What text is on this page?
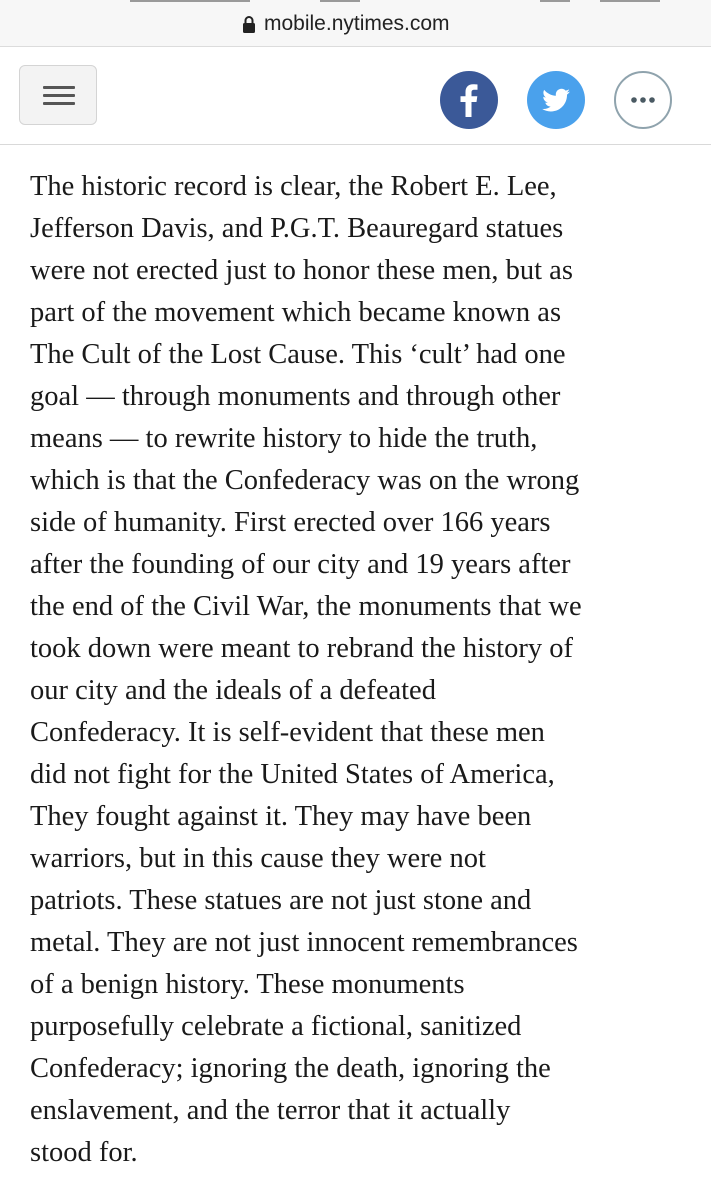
mobile.nytimes.com

The historic record is clear, the Robert E. Lee,
Jefferson Davis, and P.G.T. Beauregard statues
were not erected just to honor these men, but as
part of the movement which became known as
The Cult of the Lost Cause. This ‘cult’ had one
goal — through monuments and through other
means — to rewrite history to hide the truth,
which is that the Confederacy was on the wrong
side of humanity. First erected over 166 years
after the founding of our city and 19 years after
the end of the Civil War, the monuments that we
took down were meant to rebrand the history of
our city and the ideals of a defeated
Confederacy. It is self-evident that these men
did not fight for the United States of America,
They fought against it. They may have been
warriors, but in this cause they were not
patriots. These statues are not just stone and
metal. They are not just innocent remembrances
of a benign history. These monuments
purposefully celebrate a fictional, sanitized
Confederacy; ignoring the death, ignoring the
enslavement, and the terror that it actually
stood for.
